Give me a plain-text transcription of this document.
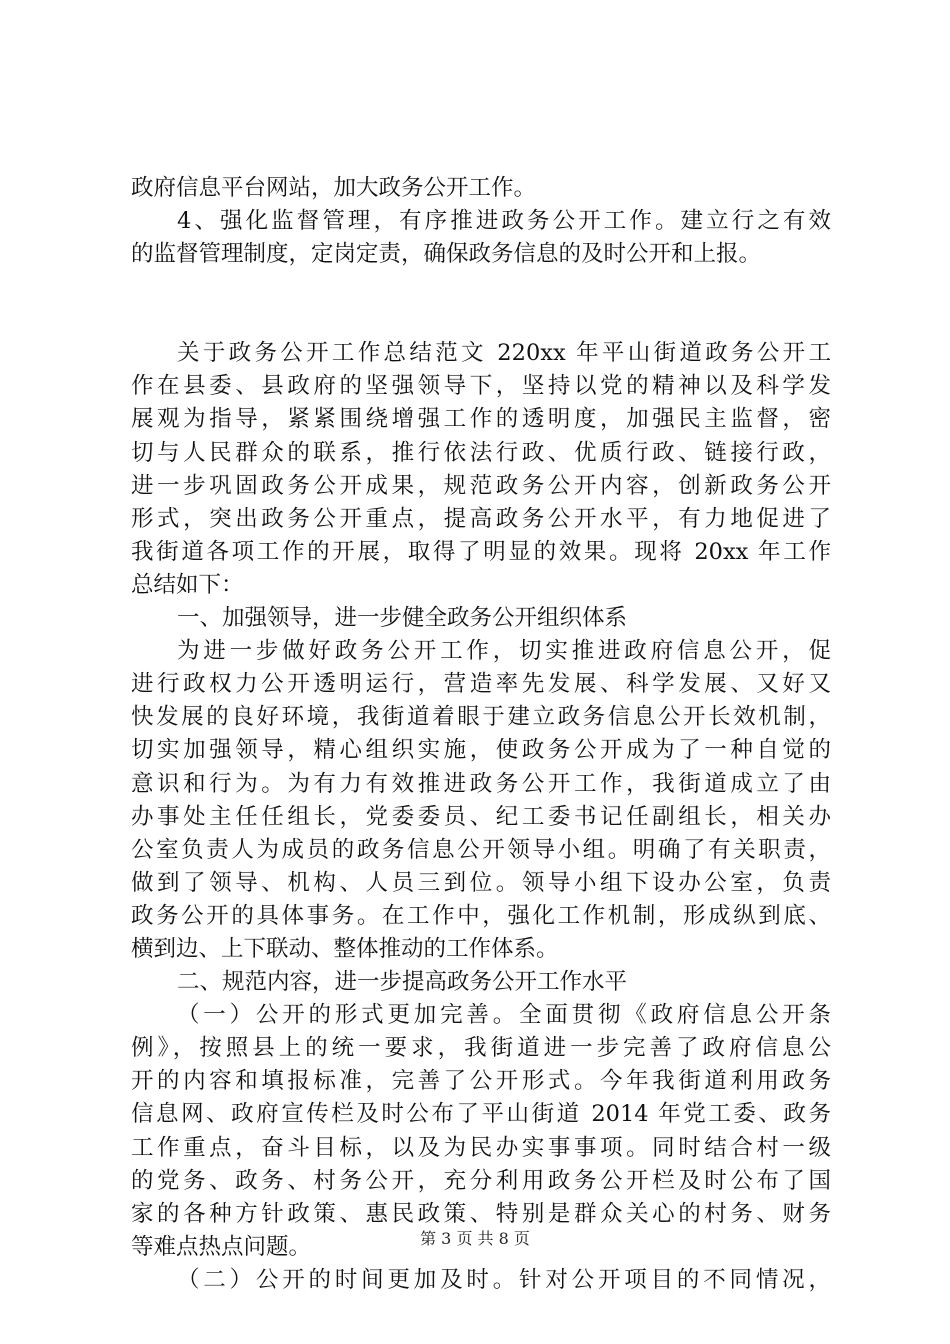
政府信息平台网站，加大政务公开工作。
4、强化监督管理，有序推进政务公开工作。建立行之有效
的监督管理制度，定岗定责，确保政务信息的及时公开和上报。
关于政务公开工作总结范文 220xx 年平山街道政务公开工
作在县委、县政府的坚强领导下，坚持以党的精神以及科学发
展观为指导，紧紧围绕增强工作的透明度，加强民主监督，密
切与人民群众的联系，推行依法行政、优质行政、链接行政，
进一步巩固政务公开成果，规范政务公开内容，创新政务公开
形式，突出政务公开重点，提高政务公开水平，有力地促进了
我街道各项工作的开展，取得了明显的效果。现将 20xx 年工作
总结如下：
一、加强领导，进一步健全政务公开组织体系
为进一步做好政务公开工作，切实推进政府信息公开，促
进行政权力公开透明运行，营造率先发展、科学发展、又好又
快发展的良好环境，我街道着眼于建立政务信息公开长效机制，
切实加强领导，精心组织实施，使政务公开成为了一种自觉的
意识和行为。为有力有效推进政务公开工作，我街道成立了由
办事处主任任组长，党委委员、纪工委书记任副组长，相关办
公室负责人为成员的政务信息公开领导小组。明确了有关职责，
做到了领导、机构、人员三到位。领导小组下设办公室，负责
政务公开的具体事务。在工作中，强化工作机制，形成纵到底、
横到边、上下联动、整体推动的工作体系。
二、规范内容，进一步提高政务公开工作水平
（一）公开的形式更加完善。全面贯彻《政府信息公开条
例》，按照县上的统一要求，我街道进一步完善了政府信息公
开的内容和填报标准，完善了公开形式。今年我街道利用政务
信息网、政府宣传栏及时公布了平山街道 2014 年党工委、政务
工作重点，奋斗目标，以及为民办实事事项。同时结合村一级
的党务、政务、村务公开，充分利用政务公开栏及时公布了国
家的各种方针政策、惠民政策、特别是群众关心的村务、财务
等难点热点问题。
（二）公开的时间更加及时。针对公开项目的不同情况，
第 3 页 共 8 页
